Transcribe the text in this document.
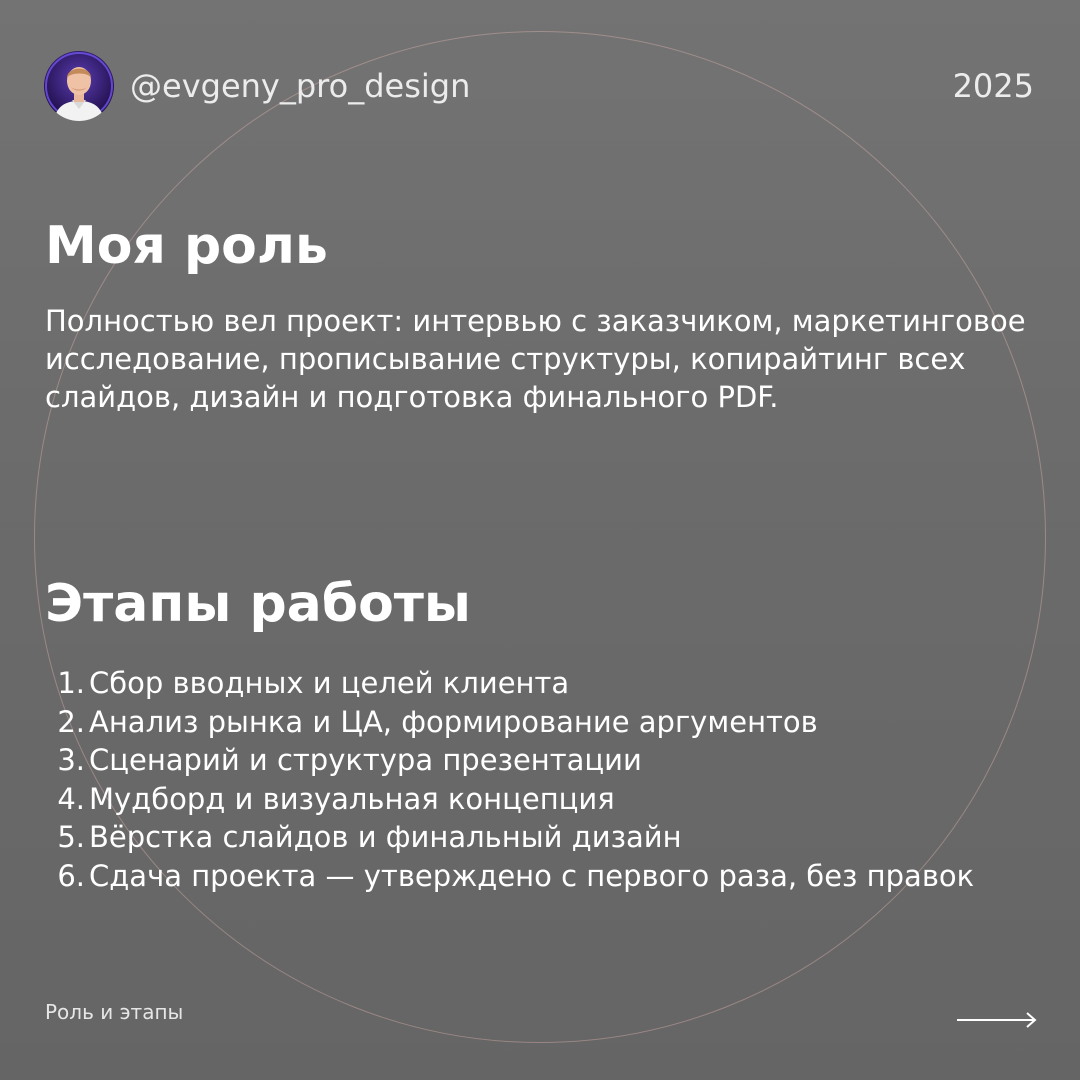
@evgeny_pro_design	2025
Моя роль

Полностью вел проект: интервью с заказчиком, маркетинговое исследование, прописывание структуры, копирайтинг всех слайдов, дизайн и подготовка финального PDF.

Этапы работы
1. Сбор вводных и целей клиента
2. Анализ рынка и ЦА, формирование аргументов
3. Сценарий и структура презентации
4. Мудборд и визуальная концепция
5. Вёрстка слайдов и финальный дизайн
6. Сдача проекта — утверждено с первого раза, без правок
Роль и этапы
